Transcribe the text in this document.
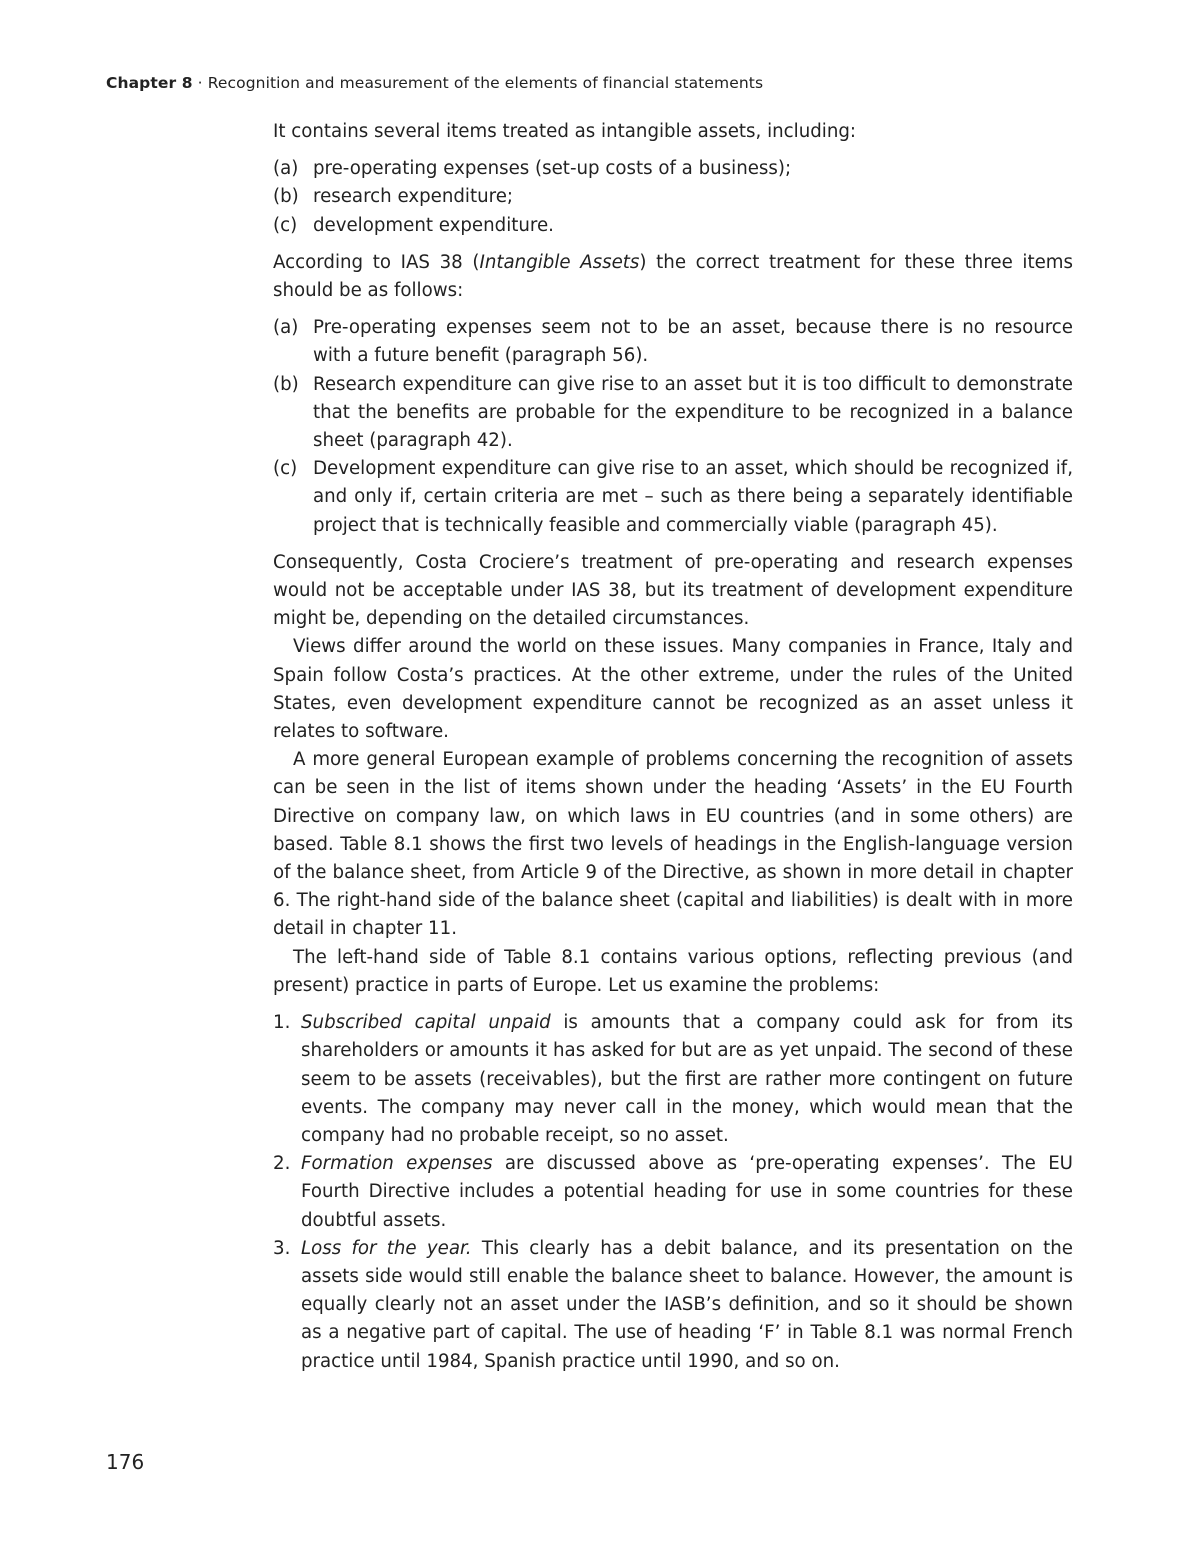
Chapter 8 · Recognition and measurement of the elements of financial statements

It contains several items treated as intangible assets, including:

(a) pre-operating expenses (set-up costs of a business);
(b) research expenditure;
(c) development expenditure.

According to IAS 38 (Intangible Assets) the correct treatment for these three items should be as follows:

(a) Pre-operating expenses seem not to be an asset, because there is no resource with a future benefit (paragraph 56).
(b) Research expenditure can give rise to an asset but it is too difficult to demonstrate that the benefits are probable for the expenditure to be recognized in a balance sheet (paragraph 42).
(c) Development expenditure can give rise to an asset, which should be recognized if, and only if, certain criteria are met – such as there being a separately identifiable project that is technically feasible and commercially viable (paragraph 45).

Consequently, Costa Crociere’s treatment of pre-operating and research expenses would not be acceptable under IAS 38, but its treatment of development expenditure might be, depending on the detailed circumstances.

Views differ around the world on these issues. Many companies in France, Italy and Spain follow Costa’s practices. At the other extreme, under the rules of the United States, even development expenditure cannot be recognized as an asset unless it relates to software.

A more general European example of problems concerning the recognition of assets can be seen in the list of items shown under the heading ‘Assets’ in the EU Fourth Directive on company law, on which laws in EU countries (and in some others) are based. Table 8.1 shows the first two levels of headings in the English-language version of the balance sheet, from Article 9 of the Directive, as shown in more detail in chapter 6. The right-hand side of the balance sheet (capital and liabilities) is dealt with in more detail in chapter 11.

The left-hand side of Table 8.1 contains various options, reflecting previous (and present) practice in parts of Europe. Let us examine the problems:

1. Subscribed capital unpaid is amounts that a company could ask for from its shareholders or amounts it has asked for but are as yet unpaid. The second of these seem to be assets (receivables), but the first are rather more contingent on future events. The company may never call in the money, which would mean that the company had no probable receipt, so no asset.
2. Formation expenses are discussed above as ‘pre-operating expenses’. The EU Fourth Directive includes a potential heading for use in some countries for these doubtful assets.
3. Loss for the year. This clearly has a debit balance, and its presentation on the assets side would still enable the balance sheet to balance. However, the amount is equally clearly not an asset under the IASB’s definition, and so it should be shown as a negative part of capital. The use of heading ‘F’ in Table 8.1 was normal French practice until 1984, Spanish practice until 1990, and so on.
176
